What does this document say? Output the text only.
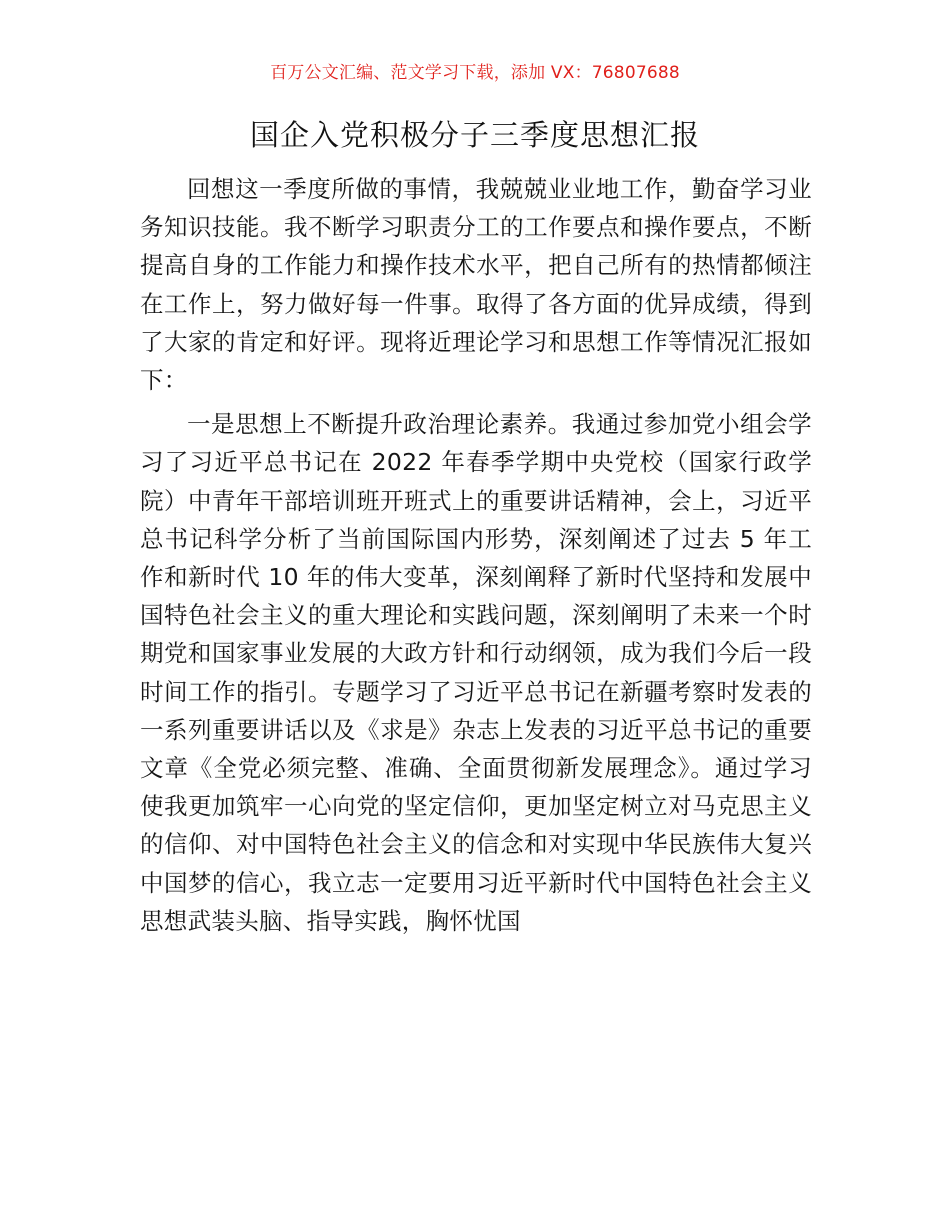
百万公文汇编、范文学习下载，添加 VX：76807688
国企入党积极分子三季度思想汇报

回想这一季度所做的事情，我兢兢业业地工作，勤奋学习业务知识技能。我不断学习职责分工的工作要点和操作要点，不断提高自身的工作能力和操作技术水平，把自己所有的热情都倾注在工作上，努力做好每一件事。取得了各方面的优异成绩，得到了大家的肯定和好评。现将近理论学习和思想工作等情况汇报如下：

一是思想上不断提升政治理论素养。我通过参加党小组会学习了习近平总书记在 2022 年春季学期中央党校（国家行政学院）中青年干部培训班开班式上的重要讲话精神，会上，习近平总书记科学分析了当前国际国内形势，深刻阐述了过去 5 年工作和新时代 10 年的伟大变革，深刻阐释了新时代坚持和发展中国特色社会主义的重大理论和实践问题，深刻阐明了未来一个时期党和国家事业发展的大政方针和行动纲领，成为我们今后一段时间工作的指引。专题学习了习近平总书记在新疆考察时发表的一系列重要讲话以及《求是》杂志上发表的习近平总书记的重要文章《全党必须完整、准确、全面贯彻新发展理念》。通过学习使我更加筑牢一心向党的坚定信仰，更加坚定树立对马克思主义的信仰、对中国特色社会主义的信念和对实现中华民族伟大复兴中国梦的信心，我立志一定要用习近平新时代中国特色社会主义思想武装头脑、指导实践，胸怀忧国
